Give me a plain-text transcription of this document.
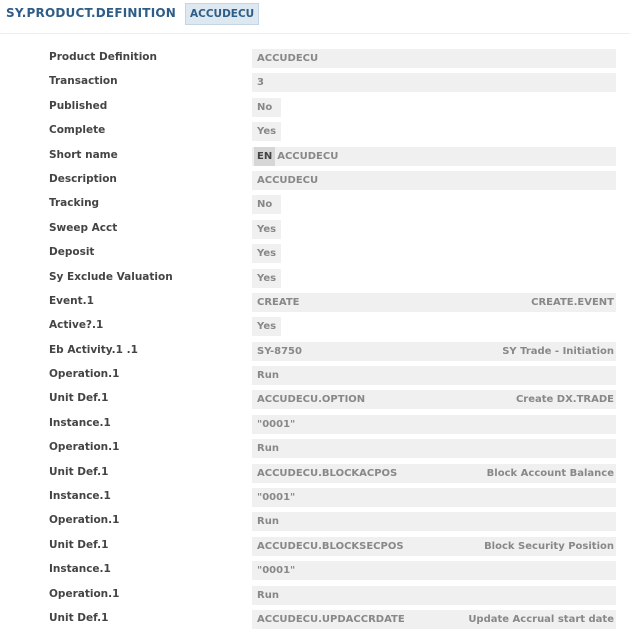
SY.PRODUCT.DEFINITION	ACCUDECU
Product Definition	ACCUDECU
Transaction	3
Published	No
Complete	Yes
Short name	EN ACCUDECU
Description	ACCUDECU
Tracking	No
Sweep Acct	Yes
Deposit	Yes
Sy Exclude Valuation	Yes
Event.1	CREATE	CREATE.EVENT
Active?.1	Yes
Eb Activity.1 .1	SY-8750	SY Trade - Initiation
Operation.1	Run
Unit Def.1	ACCUDECU.OPTION	Create DX.TRADE
Instance.1	"0001"
Operation.1	Run
Unit Def.1	ACCUDECU.BLOCKACPOS	Block Account Balance
Instance.1	"0001"
Operation.1	Run
Unit Def.1	ACCUDECU.BLOCKSECPOS	Block Security Position
Instance.1	"0001"
Operation.1	Run
Unit Def.1	ACCUDECU.UPDACCRDATE	Update Accrual start date
